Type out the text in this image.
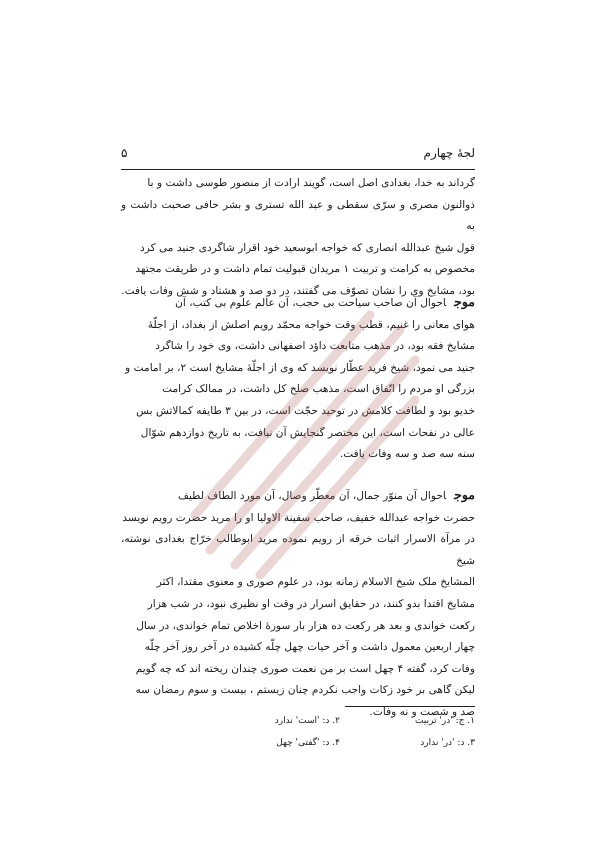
لجهٔ چهارم
۵

گرداند به خدا، بغدادی اصل است، گویند ارادت از منصور طوسی داشت و با

ذوالنون مصری و سرّی سقطی و عبد الله تستری و بشر حافی صحبت داشت و به

قول شیخ عبدالله انصاری که خواجه ابوسعید خود اقرار شاگردی جنید می کرد

مخصوص به کرامت و تربیت ۱ مریدان قبولیت تمام داشت و در طریقت مجتهد

بود، مشایخ وی را نشان تصوّف می گفتند، در دو صد و هشتاد و شش وفات یافت.

موجاحوال آن صاحب سیاحت بی حجب، آن عالم علوم بی کتب، آن

هوای معانی را غنیم، قطب وقت خواجه محمّد رویم اصلش از بغداد، از اجلّهٔ

مشایخ فقه بود، در مذهب متابعت داؤد اصفهانی داشت، وی خود را شاگرد

جنید می نمود، شیخ فرید عطّار نویسد که وی از اجلّهٔ مشایخ است ۲، بر امامت و

بزرگی او مردم را اتّفاق است، مذهب صلح کل داشت، در ممالک کرامت

خدیو بود و لطافت کلامش در توحید حجّت است، در بین ۳ طایفه کمالاتش بس

عالی در نفحات است، این مختصر گنجایش آن نیافت، به تاریخ دوازدهم شوّال

سنه سه صد و سه وفات یافت.

موجاحوال آن منوّر جمال، آن معطّر وصال، آن مورد الطاف لطیف

حضرت خواجه عبدالله خفیف، صاحب سفینة الاولیا او را مرید حضرت رویم نویسد

در مرآة الاسرار اثبات خرقه از رویم نموده مرید ابوطالب خرّاج بغدادی نوشته، شیخ

المشایخ ملک شیخ الاسلام زمانه بود، در علوم صوری و معنوی مقتدا، اکثر

مشایخ اقتدا بدو کنند، در حقایق اسرار در وقت او نظیری نبود، در شب هزار

رکعت خواندی و بعد هر رکعت ده هزار بار سورهٔ اخلاص تمام خواندی، در سال

چهار اربعین معمول داشت و آخر حیات چهل چلّه کشیده در آخر روز آخر چلّه

وفات کرد، گفته ۴ چهل است بر من نعمت صوری چندان ریخته اند که چه گویم

لیکن گاهی بر خود زکات واجب نکردم چنان زیستم ، بیست و سوم رمضان سه

صد و شصت و نه وفات.

۱. ج: 'در' تربیت
۲. د: 'است' ندارد
۳. د: 'در' ندارد
۴. د: 'گفتی' چهل
